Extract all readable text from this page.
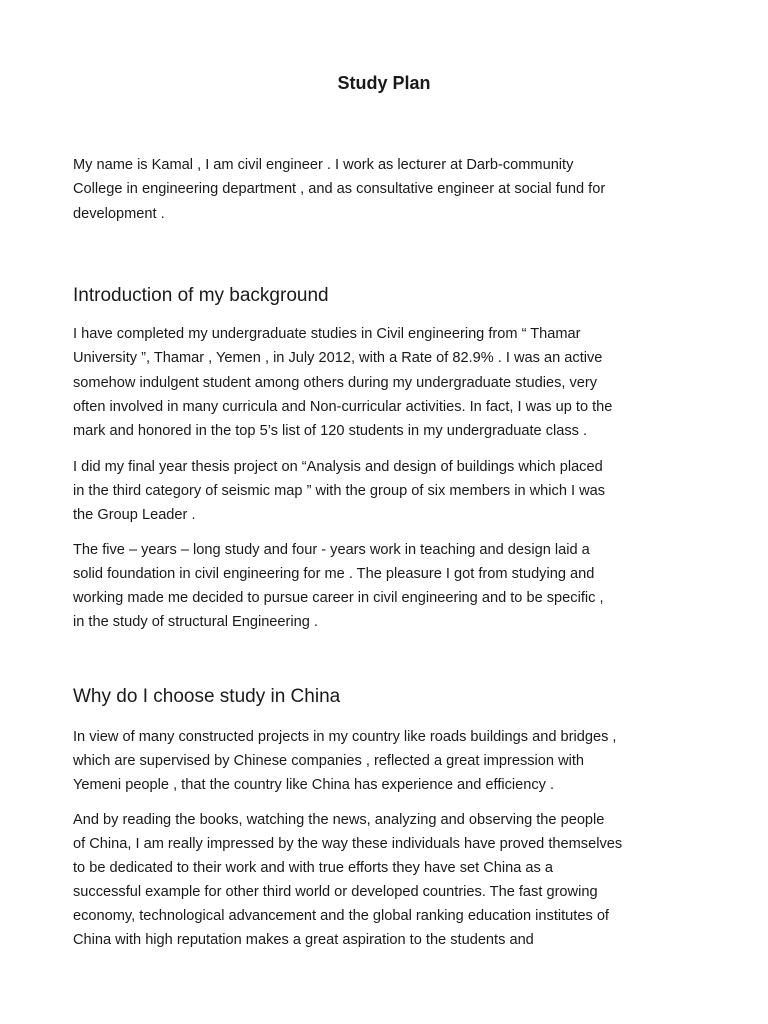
Study Plan
My name is Kamal , I am civil engineer . I work as lecturer at Darb-community
College in engineering department , and as consultative engineer at social fund for
development .
Introduction of my background
I have completed my undergraduate studies in Civil engineering from “ Thamar
University ”, Thamar , Yemen , in July 2012, with a Rate of 82.9% . I was an active
somehow indulgent student among others during my undergraduate studies, very
often involved in many curricula and Non-curricular activities. In fact, I was up to the
mark and honored in the top 5’s list of 120 students in my undergraduate class .
I did my final year thesis project on “Analysis and design of buildings which placed
in the third category of seismic map ” with the group of six members in which I was
the Group Leader .
The five – years – long study and four - years work in teaching and design laid a
solid foundation in civil engineering for me . The pleasure I got from studying and
working made me decided to pursue career in civil engineering and to be specific ,
in the study of structural Engineering .
Why do I choose study in China
In view of many constructed projects in my country like roads buildings and bridges ,
which are supervised by Chinese companies , reflected a great impression with
Yemeni people , that the country like China has experience and efficiency .
And by reading the books, watching the news, analyzing and observing the people
of China, I am really impressed by the way these individuals have proved themselves
to be dedicated to their work and with true efforts they have set China as a
successful example for other third world or developed countries. The fast growing
economy, technological advancement and the global ranking education institutes of
China with high reputation makes a great aspiration to the students and
